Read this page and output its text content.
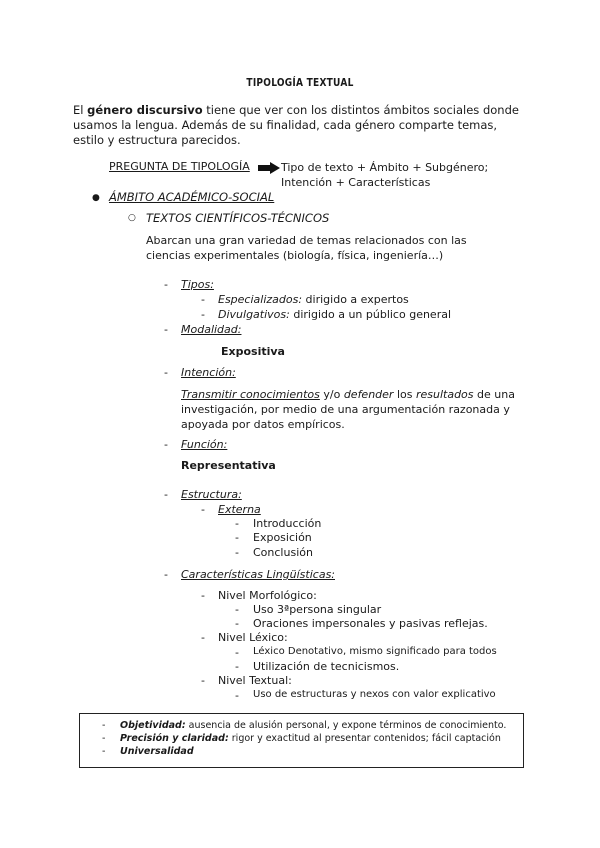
TIPOLOGÍA TEXTUAL
El género discursivo tiene que ver con los distintos ámbitos sociales donde usamos la lengua. Además de su finalidad, cada género comparte temas, estilo y estructura parecidos.
PREGUNTA DE TIPOLOGÍA	Tipo de texto + Ámbito + Subgénero;
Intención + Características
● ÁMBITO ACADÉMICO-SOCIAL
○ TEXTOS CIENTÍFICOS-TÉCNICOS
Abarcan una gran variedad de temas relacionados con las ciencias experimentales (biología, física, ingeniería…)
- Tipos:
- Especializados: dirigido a expertos
- Divulgativos: dirigido a un público general
- Modalidad:
Expositiva
- Intención:
Transmitir conocimientos y/o defender los resultados de una investigación, por medio de una argumentación razonada y apoyada por datos empíricos.
- Función:
Representativa
- Estructura:
- Externa
- Introducción
- Exposición
- Conclusión
- Características Lingüísticas:
- Nivel Morfológico:
- Uso 3ªpersona singular
- Oraciones impersonales y pasivas reflejas.
- Nivel Léxico:
- Léxico Denotativo, mismo significado para todos
- Utilización de tecnicismos.
- Nivel Textual:
- Uso de estructuras y nexos con valor explicativo
- Objetividad: ausencia de alusión personal, y expone términos de conocimiento.
- Precisión y claridad: rigor y exactitud al presentar contenidos; fácil captación
- Universalidad
